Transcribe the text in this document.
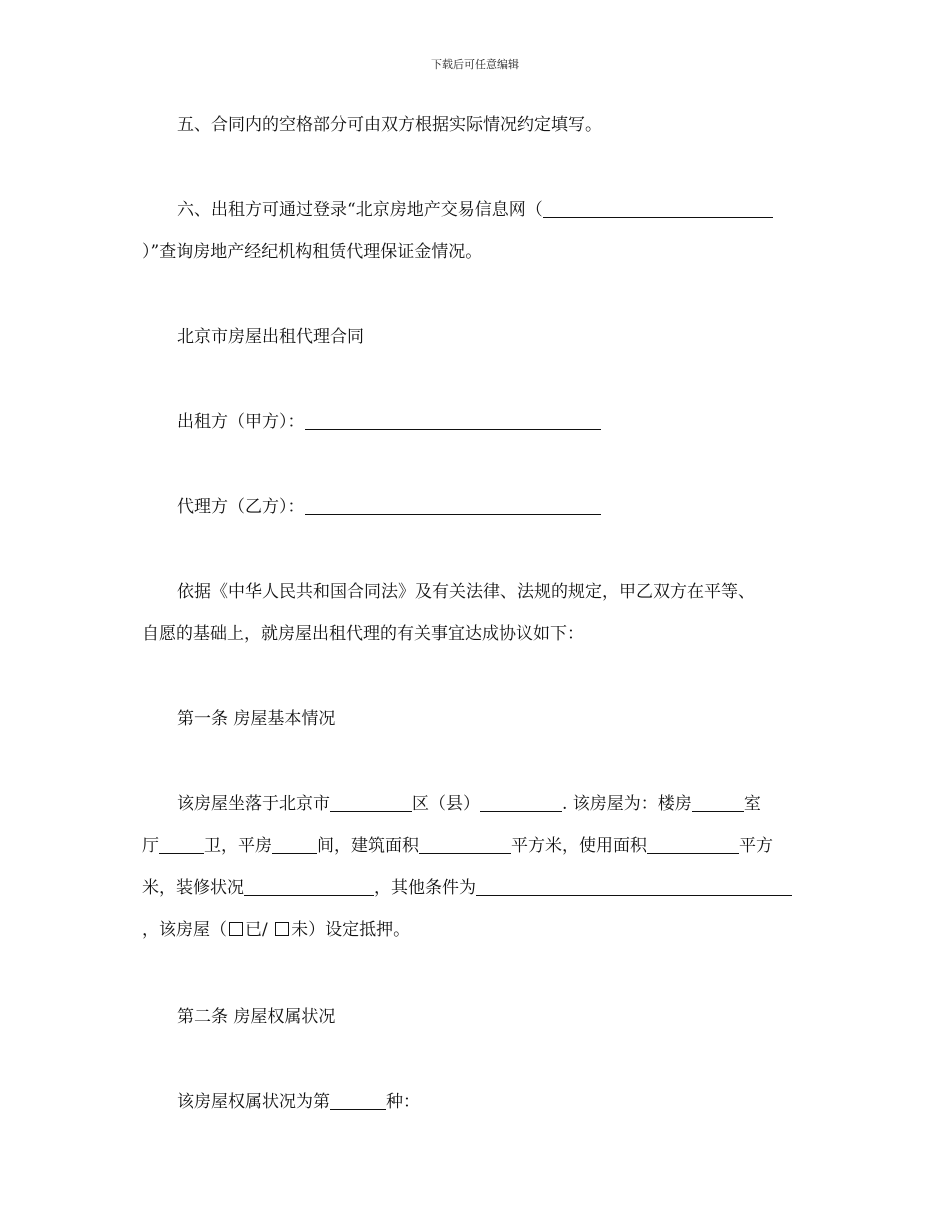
下载后可任意编辑
五、合同内的空格部分可由双方根据实际情况约定填写。
六、出租方可通过登录“北京房地产交易信息网（
）”查询房地产经纪机构租赁代理保证金情况。
北京市房屋出租代理合同
出租方（甲方）：
代理方（乙方）：
依据《中华人民共和国合同法》及有关法律、法规的规定，甲乙双方在平等、
自愿的基础上，就房屋出租代理的有关事宜达成协议如下：
第一条 房屋基本情况
该房屋坐落于北京市	区（县）	. 该房屋为：楼房	室
厅	卫，平房	间，建筑面积	平方米，使用面积	平方
米，装修状况	，其他条件为
，该房屋（ 已/ 未）设定抵押。
第二条 房屋权属状况
该房屋权属状况为第	种：
